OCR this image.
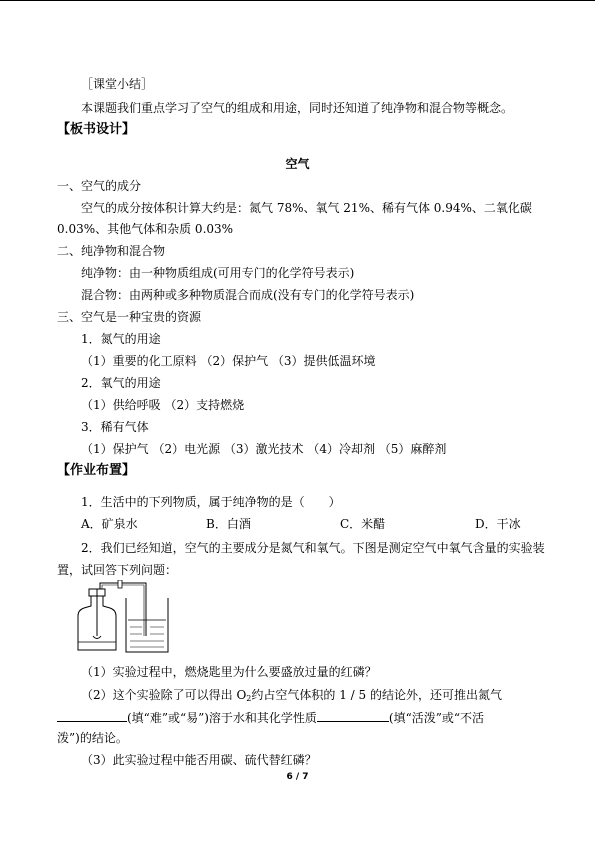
［课堂小结］
本课题我们重点学习了空气的组成和用途，同时还知道了纯净物和混合物等概念。
【板书设计】
空气
一、空气的成分
空气的成分按体积计算大约是：氮气 78%、氧气 21%、稀有气体 0.94%、二氧化碳
0.03%、其他气体和杂质 0.03%
二、纯净物和混合物
纯净物：由一种物质组成(可用专门的化学符号表示)
混合物：由两种或多种物质混合而成(没有专门的化学符号表示)
三、空气是一种宝贵的资源
1．氮气的用途
（1）重要的化工原料 （2）保护气 （3）提供低温环境
2．氧气的用途
（1）供给呼吸 （2）支持燃烧
3．稀有气体
（1）保护气 （2）电光源 （3）激光技术 （4）冷却剂 （5）麻醉剂
【作业布置】
1．生活中的下列物质，属于纯净物的是（　　）
A．矿泉水	B．白酒	C．米醋	D．干冰
2．我们已经知道，空气的主要成分是氮气和氧气。下图是测定空气中氧气含量的实验装
置，试回答下列问题：
（1）实验过程中，燃烧匙里为什么要盛放过量的红磷？
（2）这个实验除了可以得出 $O_2$约占空气体积的 1 / 5 的结论外，还可推出氮气
(填“难”或“易”)溶于水和其化学性质	(填“活泼”或“不活
泼”)的结论。
（3）此实验过程中能否用碳、硫代替红磷？
6 / 7
